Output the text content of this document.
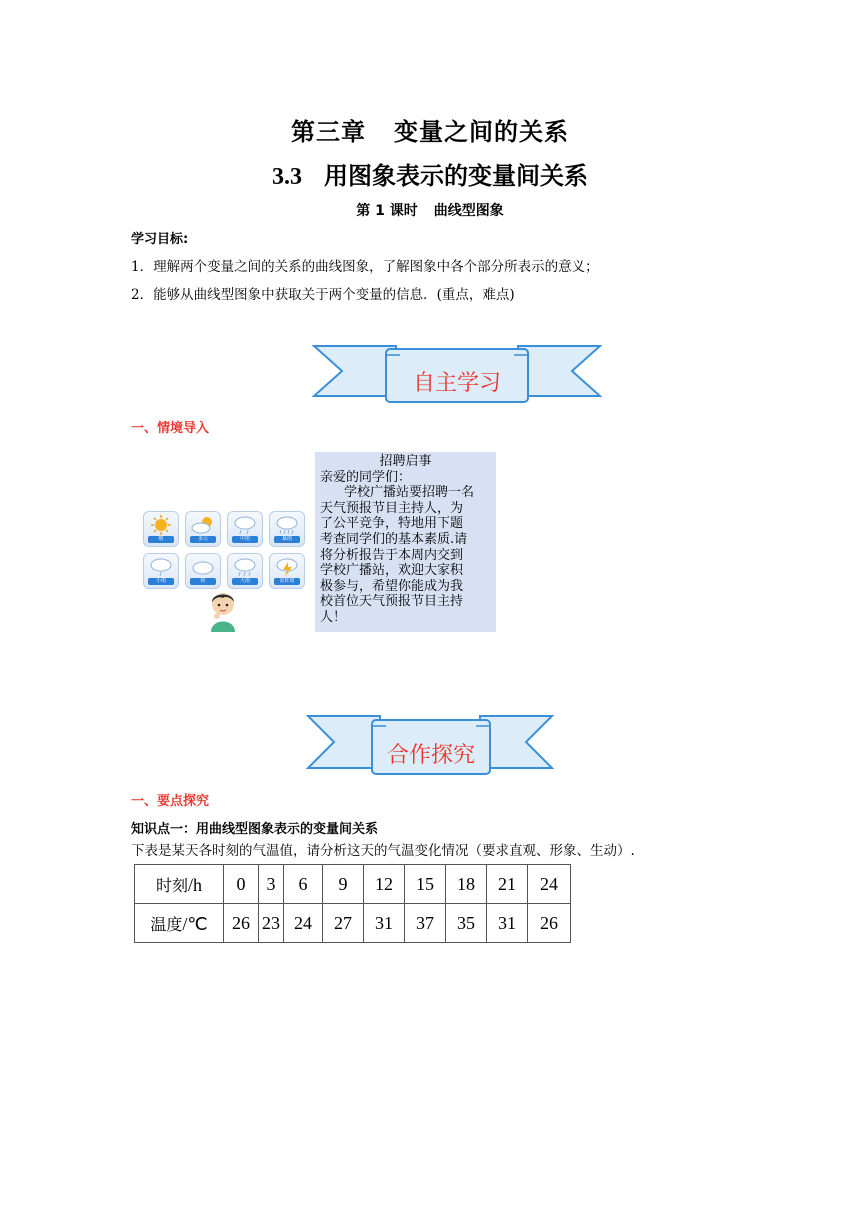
第三章 变量之间的关系
3.3 用图象表示的变量间关系
第 1 课时 曲线型图象
学习目标:
1．理解两个变量之间的关系的曲线图象，了解图象中各个部分所表示的意义；
2．能够从曲线型图象中获取关于两个变量的信息．(重点，难点)
自主学习
一、情境导入
晴	多云	中雨	暴雨
小雨	阴	大雨	雷阵雨
招聘启事
亲爱的同学们：
学校广播站要招聘一名
天气预报节目主持人，为
了公平竞争，特地用下题
考查同学们的基本素质.请
将分析报告于本周内交到
学校广播站，欢迎大家积
极参与，希望你能成为我
校首位天气预报节目主持
人！
合作探究
一、要点探究
知识点一：用曲线型图象表示的变量间关系
下表是某天各时刻的气温值，请分析这天的气温变化情况（要求直观、形象、生动）.
时刻/h	0	3	6	9	12	15	18	21	24
温度/℃	26	23	24	27	31	37	35	31	26
